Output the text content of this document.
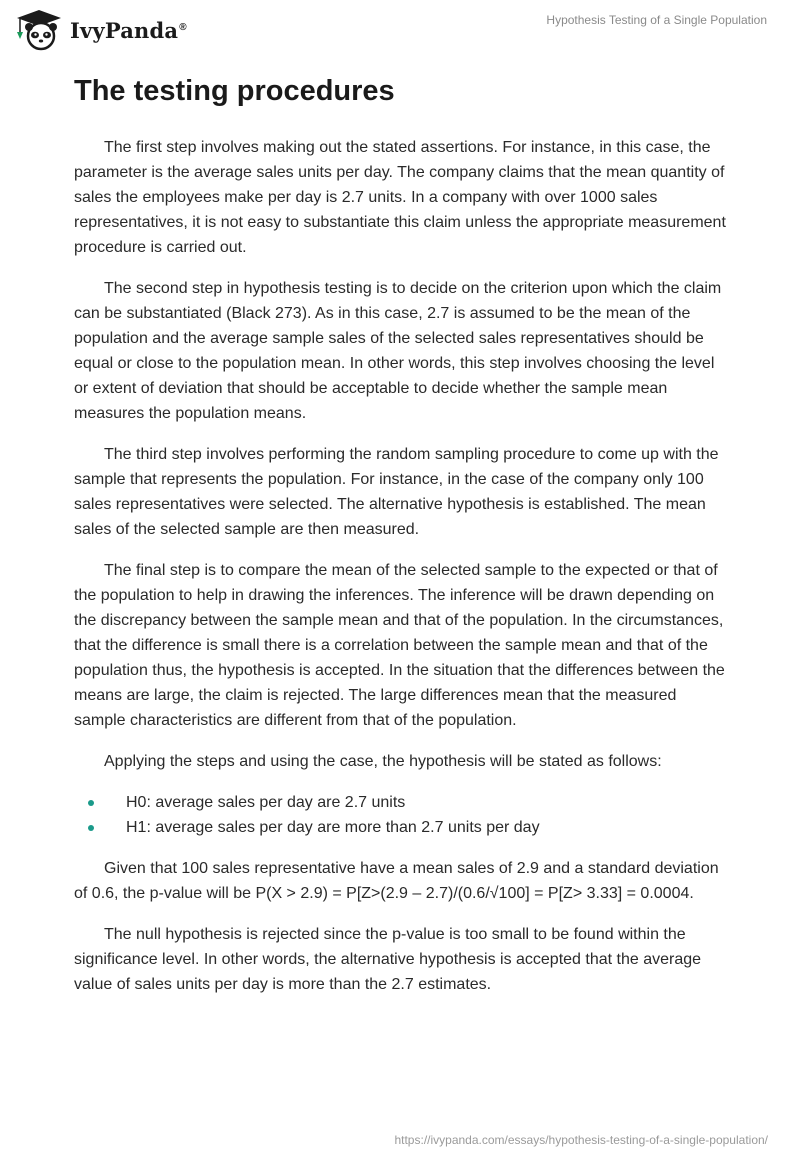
IvyPanda®	Hypothesis Testing of a Single Population
The testing procedures

The first step involves making out the stated assertions. For instance, in this case, the parameter is the average sales units per day. The company claims that the mean quantity of sales the employees make per day is 2.7 units. In a company with over 1000 sales representatives, it is not easy to substantiate this claim unless the appropriate measurement procedure is carried out.

The second step in hypothesis testing is to decide on the criterion upon which the claim can be substantiated (Black 273). As in this case, 2.7 is assumed to be the mean of the population and the average sample sales of the selected sales representatives should be equal or close to the population mean. In other words, this step involves choosing the level or extent of deviation that should be acceptable to decide whether the sample mean measures the population means.

The third step involves performing the random sampling procedure to come up with the sample that represents the population. For instance, in the case of the company only 100 sales representatives were selected. The alternative hypothesis is established. The mean sales of the selected sample are then measured.

The final step is to compare the mean of the selected sample to the expected or that of the population to help in drawing the inferences. The inference will be drawn depending on the discrepancy between the sample mean and that of the population. In the circumstances, that the difference is small there is a correlation between the sample mean and that of the population thus, the hypothesis is accepted. In the situation that the differences between the means are large, the claim is rejected. The large differences mean that the measured sample characteristics are different from that of the population.

Applying the steps and using the case, the hypothesis will be stated as follows:

H0: average sales per day are 2.7 units
H1: average sales per day are more than 2.7 units per day

Given that 100 sales representative have a mean sales of 2.9 and a standard deviation of 0.6, the p-value will be P(X > 2.9) = P[Z>(2.9 – 2.7)/(0.6/√100] = P[Z> 3.33] = 0.0004.

The null hypothesis is rejected since the p-value is too small to be found within the significance level. In other words, the alternative hypothesis is accepted that the average value of sales units per day is more than the 2.7 estimates.

https://ivypanda.com/essays/hypothesis-testing-of-a-single-population/
